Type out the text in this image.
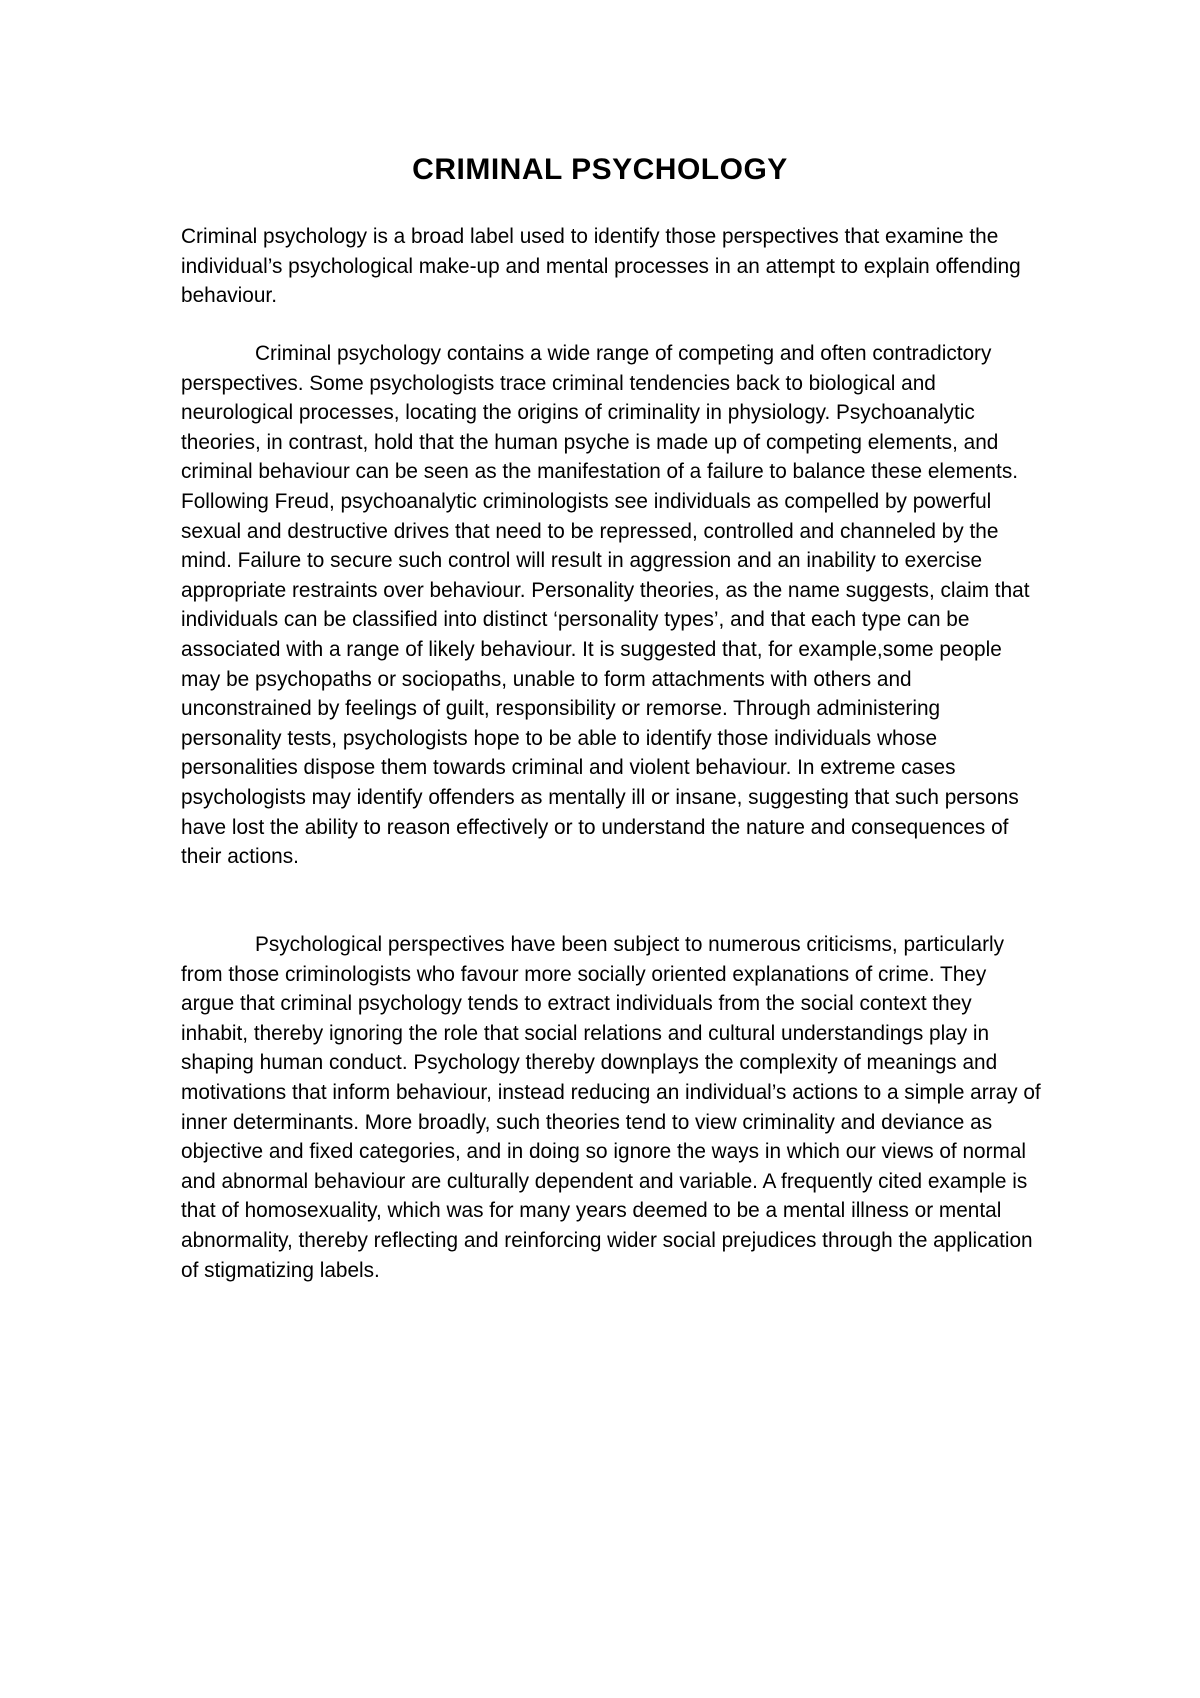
CRIMINAL PSYCHOLOGY

Criminal psychology is a broad label used to identify those perspectives that examine the individual’s psychological make-up and mental processes in an attempt to explain offending behaviour.

Criminal psychology contains a wide range of competing and often contradictory perspectives. Some psychologists trace criminal tendencies back to biological and neurological processes, locating the origins of criminality in physiology. Psychoanalytic theories, in contrast, hold that the human psyche is made up of competing elements, and criminal behaviour can be seen as the manifestation of a failure to balance these elements. Following Freud, psychoanalytic criminologists see individuals as compelled by powerful sexual and destructive drives that need to be repressed, controlled and channeled by the mind. Failure to secure such control will result in aggression and an inability to exercise appropriate restraints over behaviour. Personality theories, as the name suggests, claim that individuals can be classified into distinct ‘personality types’, and that each type can be associated with a range of likely behaviour. It is suggested that, for example,some people may be psychopaths or sociopaths, unable to form attachments with others and unconstrained by feelings of guilt, responsibility or remorse. Through administering personality tests, psychologists hope to be able to identify those individuals whose personalities dispose them towards criminal and violent behaviour. In extreme cases psychologists may identify offenders as mentally ill or insane, suggesting that such persons have lost the ability to reason effectively or to understand the nature and consequences of their actions.

Psychological perspectives have been subject to numerous criticisms, particularly from those criminologists who favour more socially oriented explanations of crime. They argue that criminal psychology tends to extract individuals from the social context they inhabit, thereby ignoring the role that social relations and cultural understandings play in shaping human conduct. Psychology thereby downplays the complexity of meanings and motivations that inform behaviour, instead reducing an individual’s actions to a simple array of inner determinants. More broadly, such theories tend to view criminality and deviance as objective and fixed categories, and in doing so ignore the ways in which our views of normal and abnormal behaviour are culturally dependent and variable. A frequently cited example is that of homosexuality, which was for many years deemed to be a mental illness or mental abnormality, thereby reflecting and reinforcing wider social prejudices through the application of stigmatizing labels.
